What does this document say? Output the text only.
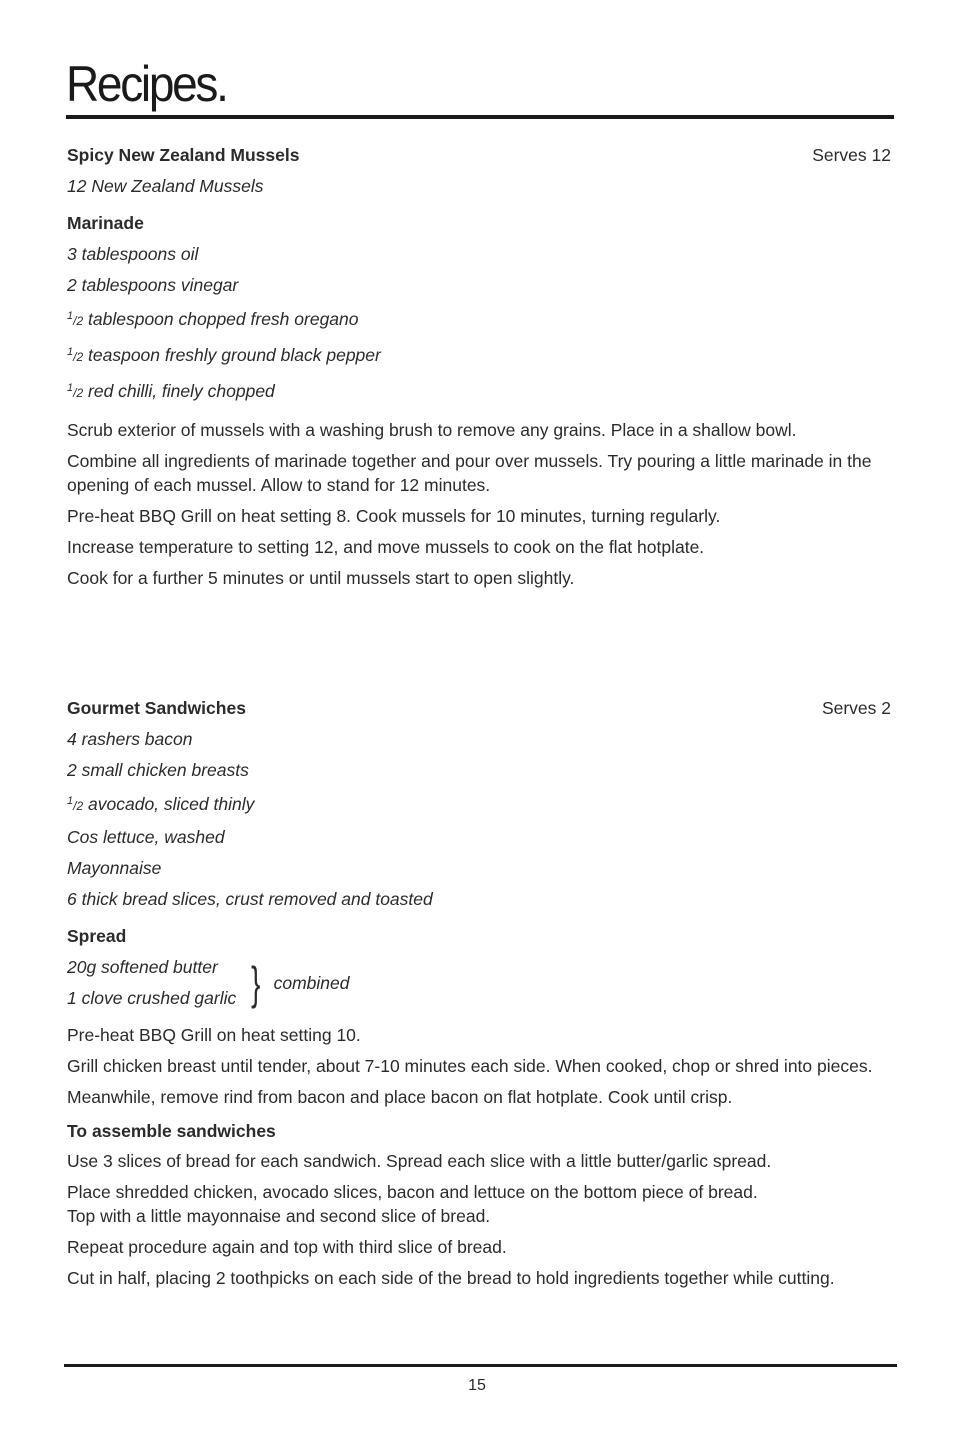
Recipes.
Spicy New Zealand Mussels	Serves 12
12 New Zealand Mussels
Marinade
3 tablespoons oil
2 tablespoons vinegar
$^1$/2 tablespoon chopped fresh oregano
$^1$/2 teaspoon freshly ground black pepper
$^1$/2 red chilli, finely chopped
Scrub exterior of mussels with a washing brush to remove any grains. Place in a shallow bowl.
Combine all ingredients of marinade together and pour over mussels. Try pouring a little marinade in the opening of each mussel. Allow to stand for 12 minutes.
Pre-heat BBQ Grill on heat setting 8. Cook mussels for 10 minutes, turning regularly.
Increase temperature to setting 12, and move mussels to cook on the flat hotplate.
Cook for a further 5 minutes or until mussels start to open slightly.
Gourmet Sandwiches	Serves 2
4 rashers bacon
2 small chicken breasts
$^1$/2 avocado, sliced thinly
Cos lettuce, washed
Mayonnaise
6 thick bread slices, crust removed and toasted
Spread
20g softened butter
1 clove crushed garlic } combined
Pre-heat BBQ Grill on heat setting 10.
Grill chicken breast until tender, about 7-10 minutes each side. When cooked, chop or shred into pieces.
Meanwhile, remove rind from bacon and place bacon on flat hotplate. Cook until crisp.
To assemble sandwiches
Use 3 slices of bread for each sandwich. Spread each slice with a little butter/garlic spread.
Place shredded chicken, avocado slices, bacon and lettuce on the bottom piece of bread.
Top with a little mayonnaise and second slice of bread.
Repeat procedure again and top with third slice of bread.
Cut in half, placing 2 toothpicks on each side of the bread to hold ingredients together while cutting.
15
